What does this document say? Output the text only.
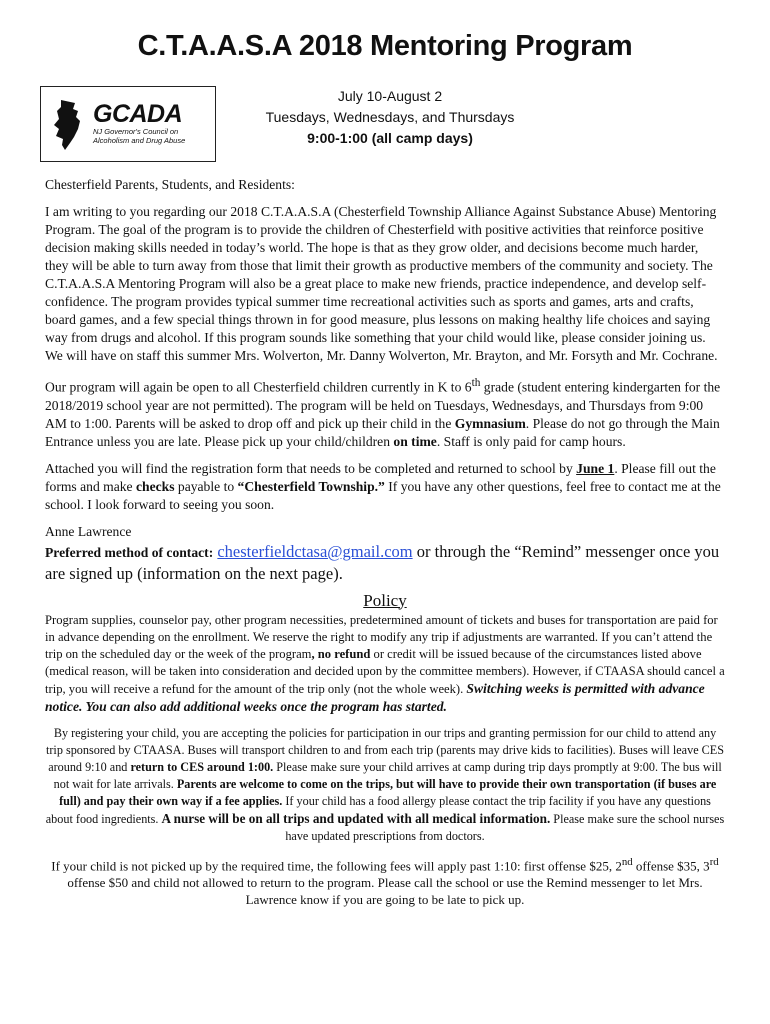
C.T.A.A.S.A 2018 Mentoring Program
GCADA
NJ Governor's Council on
Alcoholism and Drug Abuse
July 10-August 2
Tuesdays, Wednesdays, and Thursdays
9:00-1:00 (all camp days)

Chesterfield Parents, Students, and Residents:

I am writing to you regarding our 2018 C.T.A.A.S.A (Chesterfield Township Alliance Against Substance Abuse) Mentoring Program. The goal of the program is to provide the children of Chesterfield with positive activities that reinforce positive decision making skills needed in today’s world. The hope is that as they grow older, and decisions become much harder, they will be able to turn away from those that limit their growth as productive members of the community and society. The C.T.A.A.S.A Mentoring Program will also be a great place to make new friends, practice independence, and develop self-confidence. The program provides typical summer time recreational activities such as sports and games, arts and crafts, board games, and a few special things thrown in for good measure, plus lessons on making healthy life choices and saying way from drugs and alcohol. If this program sounds like something that your child would like, please consider joining us. We will have on staff this summer Mrs. Wolverton, Mr. Danny Wolverton, Mr. Brayton, and Mr. Forsyth and Mr. Cochrane.

Our program will again be open to all Chesterfield children currently in K to 6th grade (student entering kindergarten for the 2018/2019 school year are not permitted). The program will be held on Tuesdays, Wednesdays, and Thursdays from 9:00 AM to 1:00. Parents will be asked to drop off and pick up their child in the Gymnasium. Please do not go through the Main Entrance unless you are late. Please pick up your child/children on time. Staff is only paid for camp hours.

Attached you will find the registration form that needs to be completed and returned to school by June 1. Please fill out the forms and make checks payable to “Chesterfield Township.” If you have any other questions, feel free to contact me at the school. I look forward to seeing you soon.

Anne Lawrence
Preferred method of contact: chesterfieldctasa@gmail.com or through the “Remind” messenger once you are signed up (information on the next page).
Policy

Program supplies, counselor pay, other program necessities, predetermined amount of tickets and buses for transportation are paid for in advance depending on the enrollment. We reserve the right to modify any trip if adjustments are warranted. If you can’t attend the trip on the scheduled day or the week of the program, no refund or credit will be issued because of the circumstances listed above (medical reason, will be taken into consideration and decided upon by the committee members). However, if CTAASA should cancel a trip, you will receive a refund for the amount of the trip only (not the whole week). Switching weeks is permitted with advance notice. You can also add additional weeks once the program has started.

By registering your child, you are accepting the policies for participation in our trips and granting permission for our child to attend any trip sponsored by CTAASA. Buses will transport children to and from each trip (parents may drive kids to facilities). Buses will leave CES around 9:10 and return to CES around 1:00. Please make sure your child arrives at camp during trip days promptly at 9:00. The bus will not wait for late arrivals. Parents are welcome to come on the trips, but will have to provide their own transportation (if buses are full) and pay their own way if a fee applies. If your child has a food allergy please contact the trip facility if you have any questions about food ingredients. A nurse will be on all trips and updated with all medical information. Please make sure the school nurses have updated prescriptions from doctors.

If your child is not picked up by the required time, the following fees will apply past 1:10: first offense $25, 2nd offense $35, 3rd offense $50 and child not allowed to return to the program. Please call the school or use the Remind messenger to let Mrs. Lawrence know if you are going to be late to pick up.
